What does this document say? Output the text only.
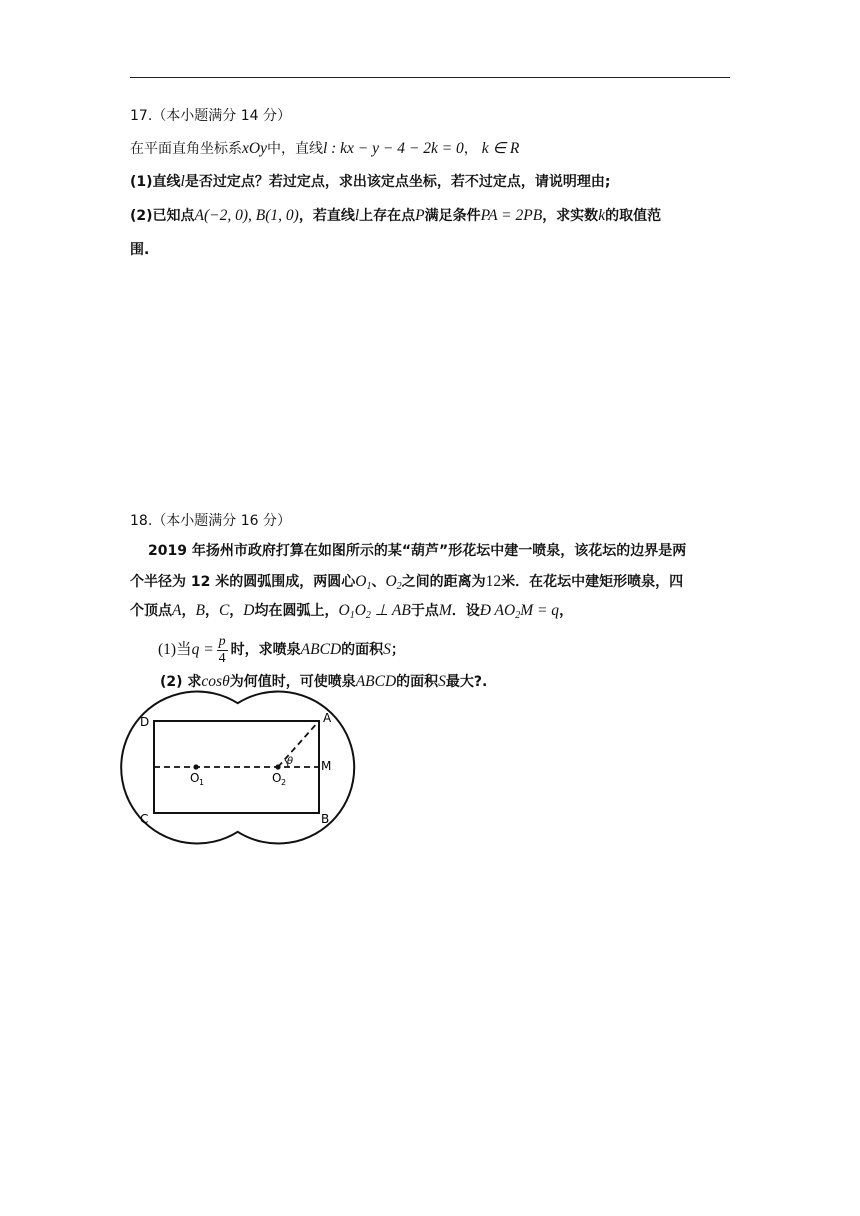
17.（本小题满分 14 分）
在平面直角坐标系xOy中，直线l : kx − y − 4 − 2k = 0， k ∈ R
(1)直线l是否过定点？若过定点，求出该定点坐标，若不过定点，请说明理由;
(2)已知点A(−2, 0), B(1, 0)，若直线l上存在点P满足条件PA = 2PB，求实数k的取值范
围.
18.（本小题满分 16 分）
2019 年扬州市政府打算在如图所示的某“葫芦”形花坛中建一喷泉，该花坛的边界是两
个半径为 12 米的圆弧围成，两圆心$O_1$、$O_2$之间的距离为12米．在花坛中建矩形喷泉，四
个顶点A，B，C，D均在圆弧上，$O_1O_2$ ⊥ AB于点M．设Ð $AO_2M = q$，
(1)当$q = \frac{p}{4}$ 时，求喷泉ABCD的面积S；
(2) 求cosθ为何值时，可使喷泉ABCD的面积S最大?.
D	A
C	B
M
O 1	O 2
θ
